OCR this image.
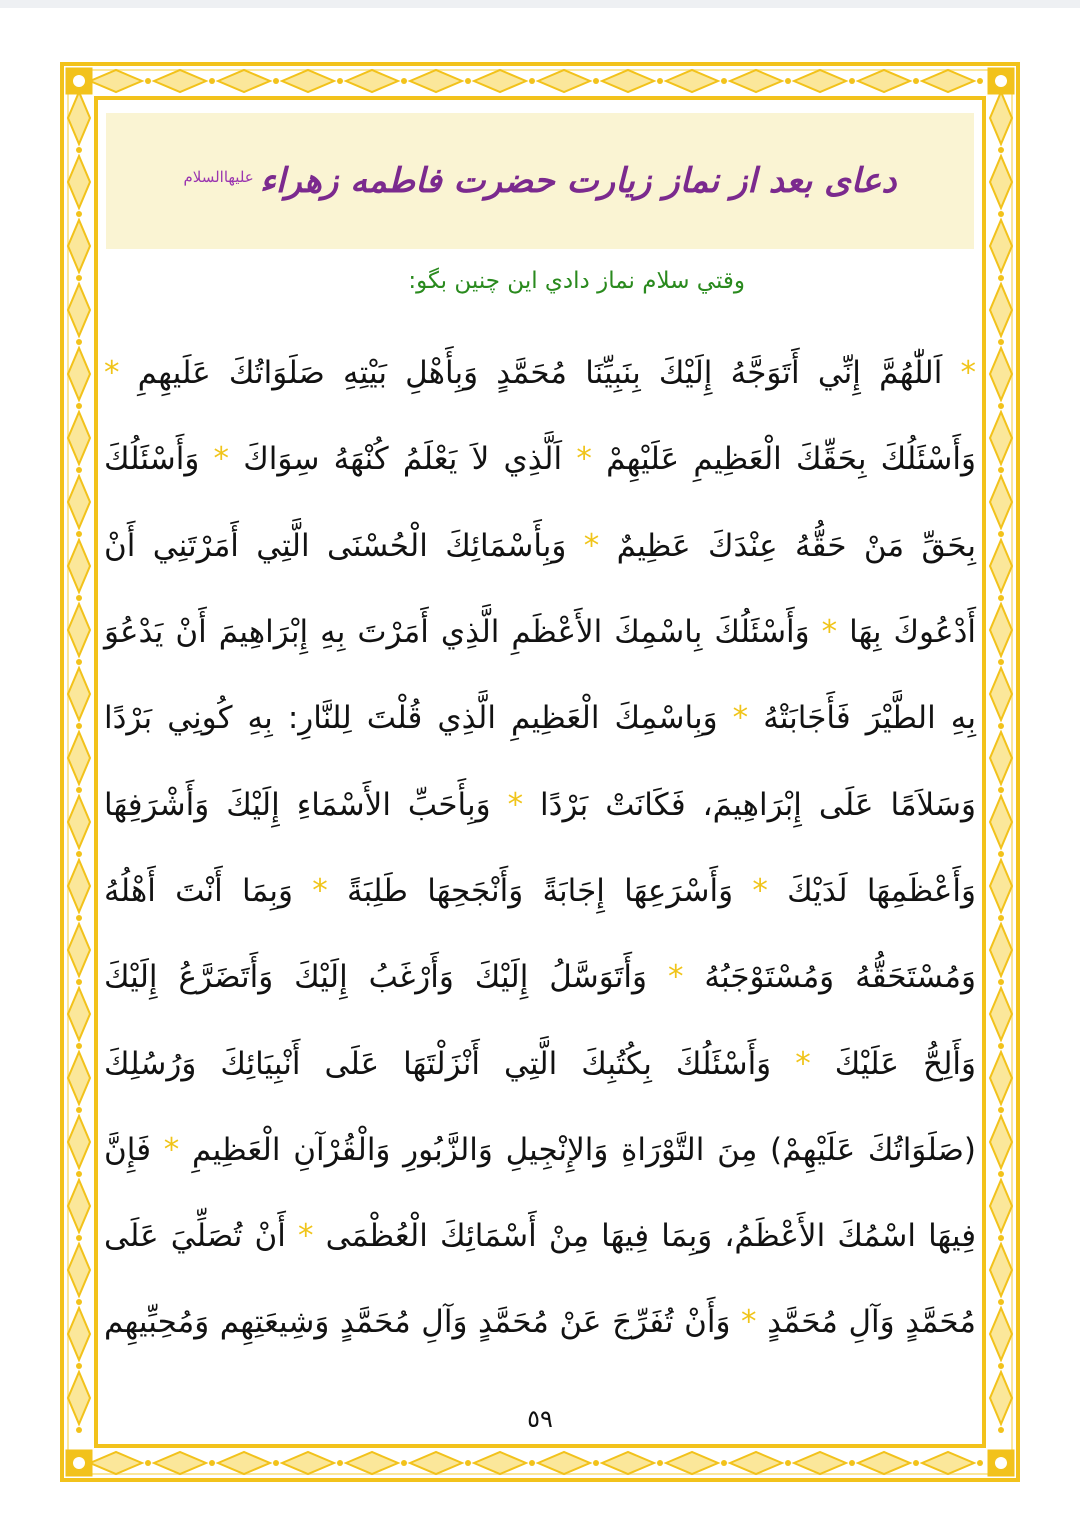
دعای بعد از نماز زیارت حضرت فاطمه زهراء
علیهاالسلام
وقتي سلام نماز دادي اين چنين بگو:
* اَللّٰهُمَّ إِنِّي أَتَوَجَّهُ إِلَيْكَ بِنَبِيِّنَا مُحَمَّدٍ وَبِأَهْلِ بَيْتِهِ صَلَوَاتُكَ عَلَيهِمِ *
وَأَسْئَلُكَ بِحَقِّكَ الْعَظِيمِ عَلَيْهِمْ * اَلَّذِي لاَ يَعْلَمُ كُنْهَهُ سِوَاكَ * وَأَسْئَلُكَ
بِحَقِّ مَنْ حَقُّهُ عِنْدَكَ عَظِيمٌ * وَبِأَسْمَائِكَ الْحُسْنَى الَّتِي أَمَرْتَنِي أَنْ
أَدْعُوكَ بِهَا * وَأَسْئَلُكَ بِاسْمِكَ الأَعْظَمِ الَّذِي أَمَرْتَ بِهِ إِبْرَاهِيمَ أَنْ يَدْعُوَ
بِهِ الطَّيْرَ فَأَجَابَتْهُ * وَبِاسْمِكَ الْعَظِيمِ الَّذِي قُلْتَ لِلنَّارِ: بِهِ كُونِي بَرْدًا
وَسَلاَمًا عَلَى إِبْرَاهِيمَ، فَكَانَتْ بَرْدًا * وَبِأَحَبِّ الأَسْمَاءِ إِلَيْكَ وَأَشْرَفِهَا
وَأَعْظَمِهَا لَدَيْكَ * وَأَسْرَعِهَا إِجَابَةً وَأَنْجَحِهَا طَلِبَةً * وَبِمَا أَنْتَ أَهْلُهُ
وَمُسْتَحَقُّهُ وَمُسْتَوْجَبُهُ * وَأَتَوَسَّلُ إِلَيْكَ وَأَرْغَبُ إِلَيْكَ وَأَتَضَرَّعُ إِلَيْكَ
وَأَلِحُّ عَلَيْكَ * وَأَسْئَلُكَ بِكُتُبِكَ الَّتِي أَنْزَلْتَهَا عَلَى أَنْبِيَائِكَ وَرُسُلِكَ
(صَلَوَاتُكَ عَلَيْهِمْ) مِنَ التَّوْرَاةِ وَالإِنْجِيلِ وَالزَّبُورِ وَالْقُرْآنِ الْعَظِيمِ * فَإِنَّ
فِيهَا اسْمُكَ الأَعْظَمُ، وَبِمَا فِيهَا مِنْ أَسْمَائِكَ الْعُظْمَى * أَنْ تُصَلِّيَ عَلَى
مُحَمَّدٍ وَآلِ مُحَمَّدٍ * وَأَنْ تُفَرِّجَ عَنْ مُحَمَّدٍ وَآلِ مُحَمَّدٍ وَشِيعَتِهِم وَمُحِبِّيهِم
٥٩
